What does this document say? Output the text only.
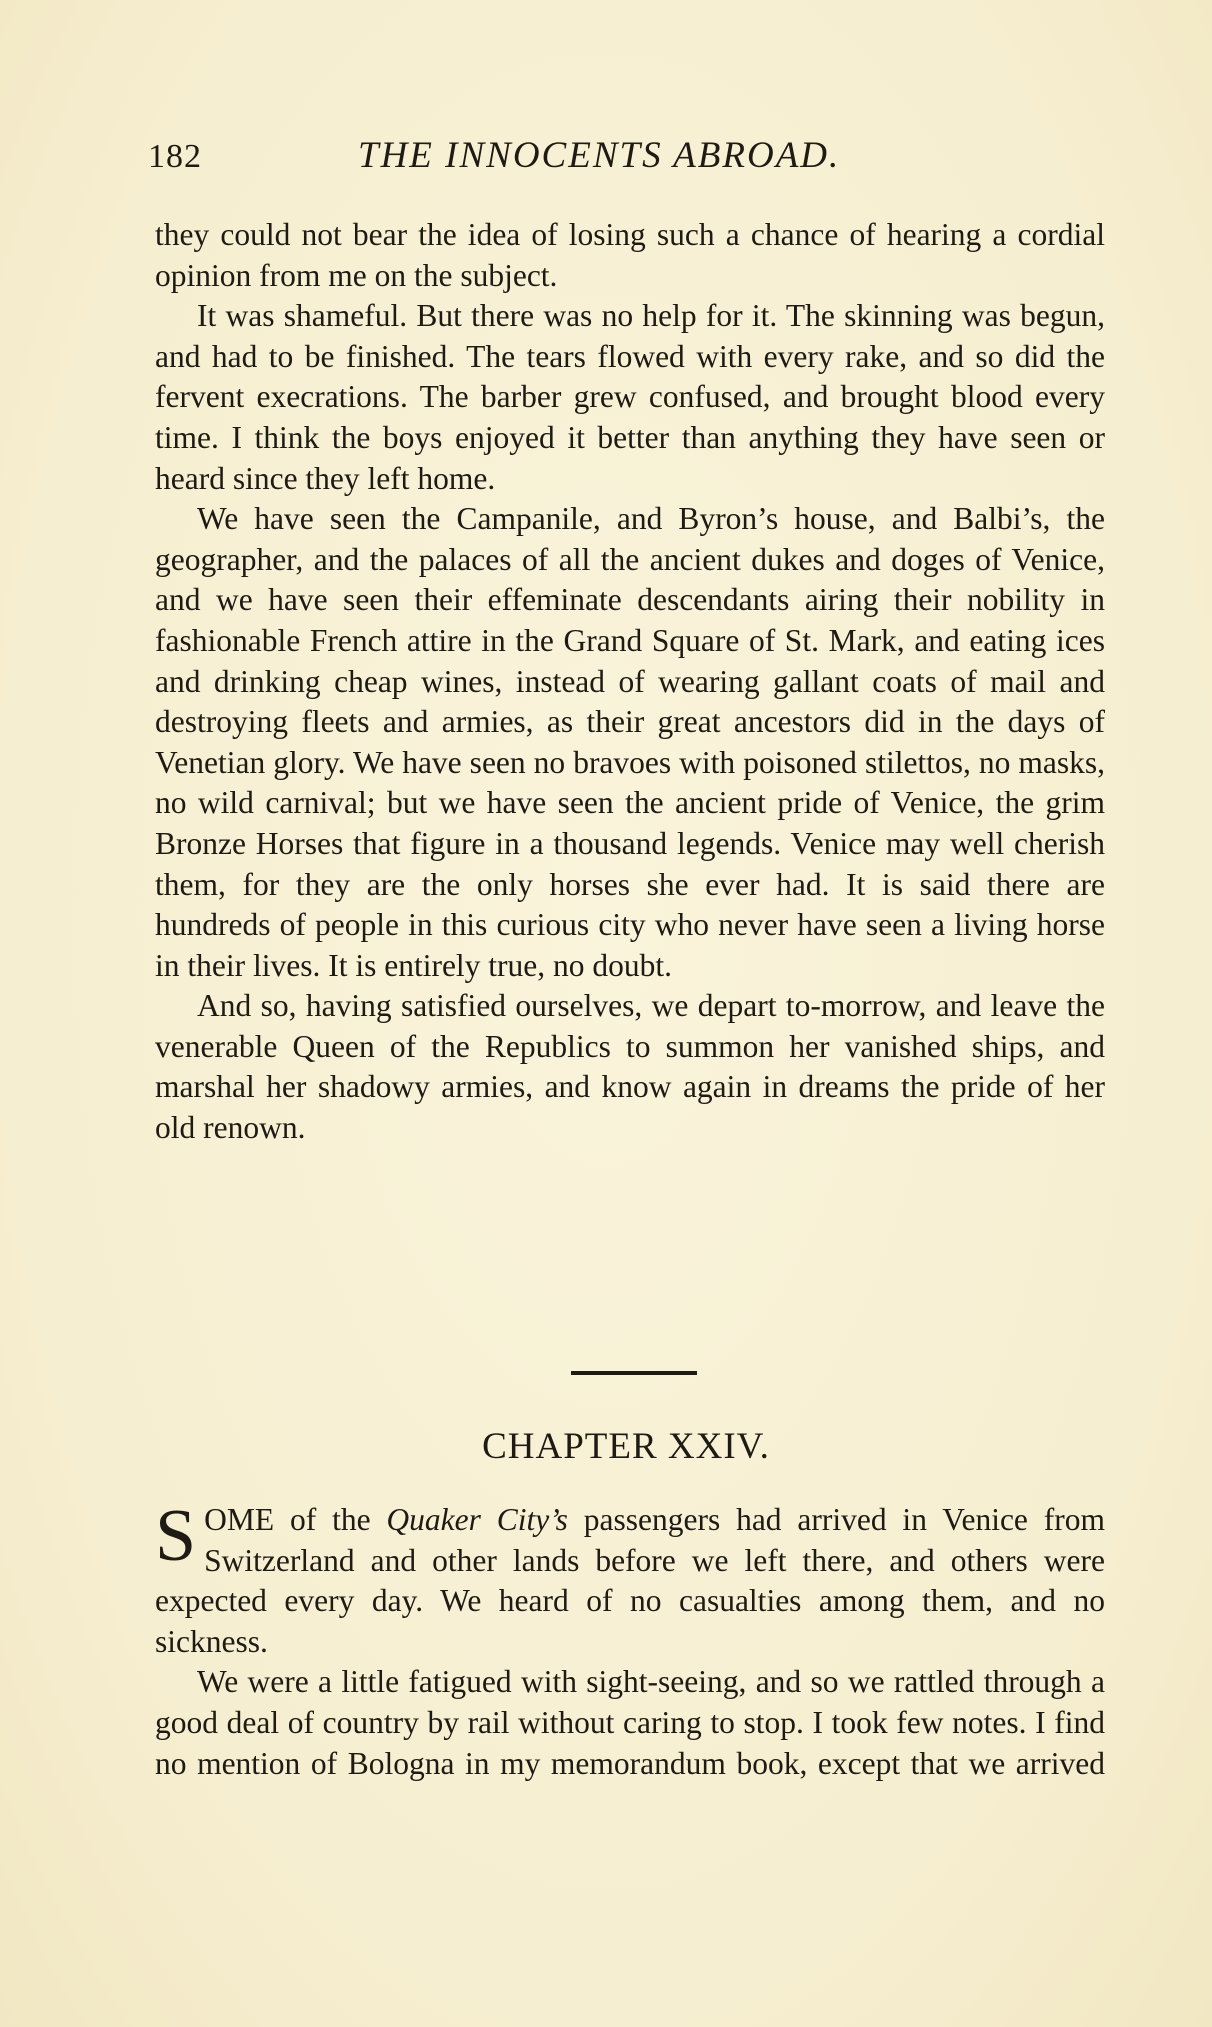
182	THE INNOCENTS ABROAD.

they could not bear the idea of losing such a chance of hearing a cordial opinion from me on the subject.

It was shameful. But there was no help for it. The skinning was begun, and had to be finished. The tears flowed with every rake, and so did the fervent execrations. The barber grew confused, and brought blood every time. I think the boys enjoyed it better than anything they have seen or heard since they left home.

We have seen the Campanile, and Byron’s house, and Balbi’s, the geographer, and the palaces of all the ancient dukes and doges of Venice, and we have seen their effeminate descendants airing their nobility in fashionable French attire in the Grand Square of St. Mark, and eating ices and drinking cheap wines, instead of wearing gallant coats of mail and destroying fleets and armies, as their great ancestors did in the days of Venetian glory. We have seen no bravoes with poisoned stilettos, no masks, no wild carnival; but we have seen the ancient pride of Venice, the grim Bronze Horses that figure in a thousand legends. Venice may well cherish them, for they are the only horses she ever had. It is said there are hundreds of people in this curious city who never have seen a living horse in their lives. It is entirely true, no doubt.

And so, having satisfied ourselves, we depart to-morrow, and leave the venerable Queen of the Republics to summon her vanished ships, and marshal her shadowy armies, and know again in dreams the pride of her old renown.

CHAPTER XXIV.

SOME of the Quaker City’s passengers had arrived in Venice from Switzerland and other lands before we left there, and others were expected every day. We heard of no casualties among them, and no sickness.

We were a little fatigued with sight-seeing, and so we rattled through a good deal of country by rail without caring to stop. I took few notes. I find no mention of Bologna in my memorandum book, except that we arrived
